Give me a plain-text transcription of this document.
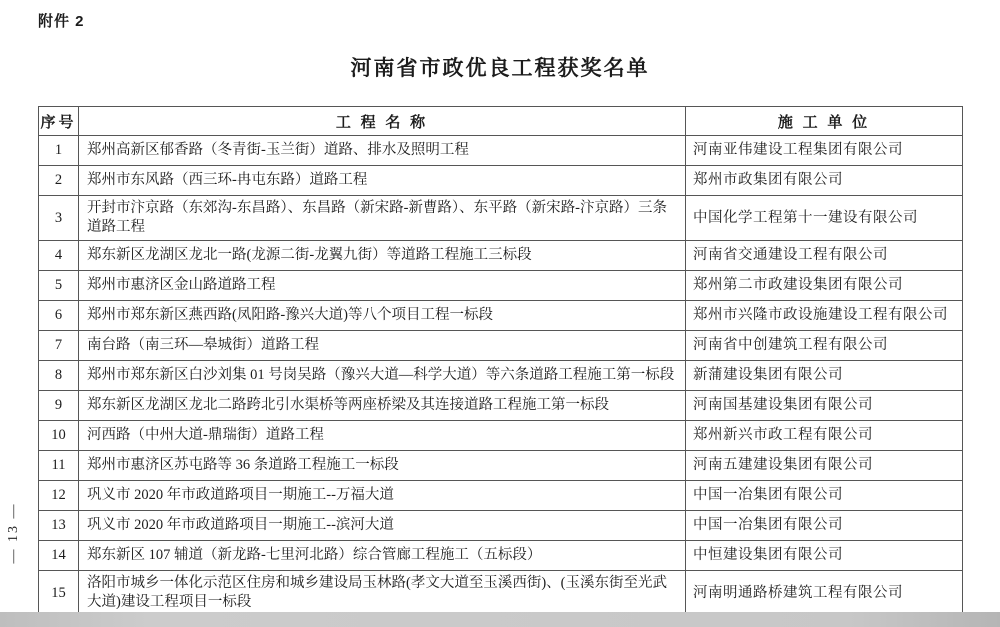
附件 2
河南省市政优良工程获奖名单
— 13 —
序号	工 程 名 称	施 工 单 位
1	郑州高新区郁香路（冬青街-玉兰街）道路、排水及照明工程	河南亚伟建设工程集团有限公司
2	郑州市东风路（西三环-冉屯东路）道路工程	郑州市政集团有限公司
3	开封市汴京路（东郊沟-东昌路）、东昌路（新宋路-新曹路）、东平路（新宋路-汴京路）三条道路工程	中国化学工程第十一建设有限公司
4	郑东新区龙湖区龙北一路(龙源二街-龙翼九街）等道路工程施工三标段	河南省交通建设工程有限公司
5	郑州市惠济区金山路道路工程	郑州第二市政建设集团有限公司
6	郑州市郑东新区燕西路(凤阳路-豫兴大道)等八个项目工程一标段	郑州市兴隆市政设施建设工程有限公司
7	南台路（南三环—皋城街）道路工程	河南省中创建筑工程有限公司
8	郑州市郑东新区白沙刘集 01 号岗吴路（豫兴大道—科学大道）等六条道路工程施工第一标段	新蒲建设集团有限公司
9	郑东新区龙湖区龙北二路跨北引水渠桥等两座桥梁及其连接道路工程施工第一标段	河南国基建设集团有限公司
10	河西路（中州大道-鼎瑞街）道路工程	郑州新兴市政工程有限公司
11	郑州市惠济区苏屯路等 36 条道路工程施工一标段	河南五建建设集团有限公司
12	巩义市 2020 年市政道路项目一期施工--万福大道	中国一冶集团有限公司
13	巩义市 2020 年市政道路项目一期施工--滨河大道	中国一冶集团有限公司
14	郑东新区 107 辅道（新龙路-七里河北路）综合管廊工程施工（五标段）	中恒建设集团有限公司
15	洛阳市城乡一体化示范区住房和城乡建设局玉林路(孝文大道至玉溪西街)、(玉溪东街至光武大道)建设工程项目一标段	河南明通路桥建筑工程有限公司
